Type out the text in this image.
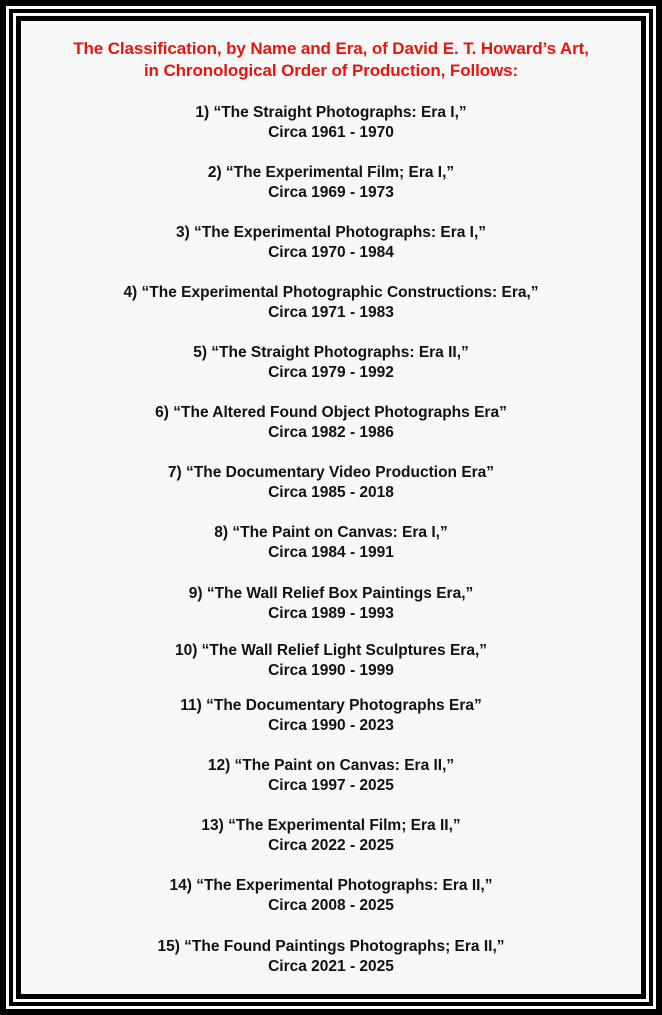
The Classification, by Name and Era, of David E. T. Howard’s Art,
in Chronological Order of Production, Follows:
1) “The Straight Photographs: Era I,”
Circa 1961 - 1970
2) “The Experimental Film; Era I,”
Circa 1969 - 1973
3) “The Experimental Photographs: Era I,”
Circa 1970 - 1984
4) “The Experimental Photographic Constructions: Era,”
Circa 1971 - 1983
5) “The Straight Photographs: Era II,”
Circa 1979 - 1992
6) “The Altered Found Object Photographs Era”
Circa 1982 - 1986
7) “The Documentary Video Production Era”
Circa 1985 - 2018
8) “The Paint on Canvas: Era I,”
Circa 1984 - 1991
9) “The Wall Relief Box Paintings Era,”
Circa 1989 - 1993
10) “The Wall Relief Light Sculptures Era,”
Circa 1990 - 1999
11) “The Documentary Photographs Era”
Circa 1990 - 2023
12) “The Paint on Canvas: Era II,”
Circa 1997 - 2025
13) “The Experimental Film; Era II,”
Circa 2022 - 2025
14) “The Experimental Photographs: Era II,”
Circa 2008 - 2025
15) “The Found Paintings Photographs; Era II,”
Circa 2021 - 2025
